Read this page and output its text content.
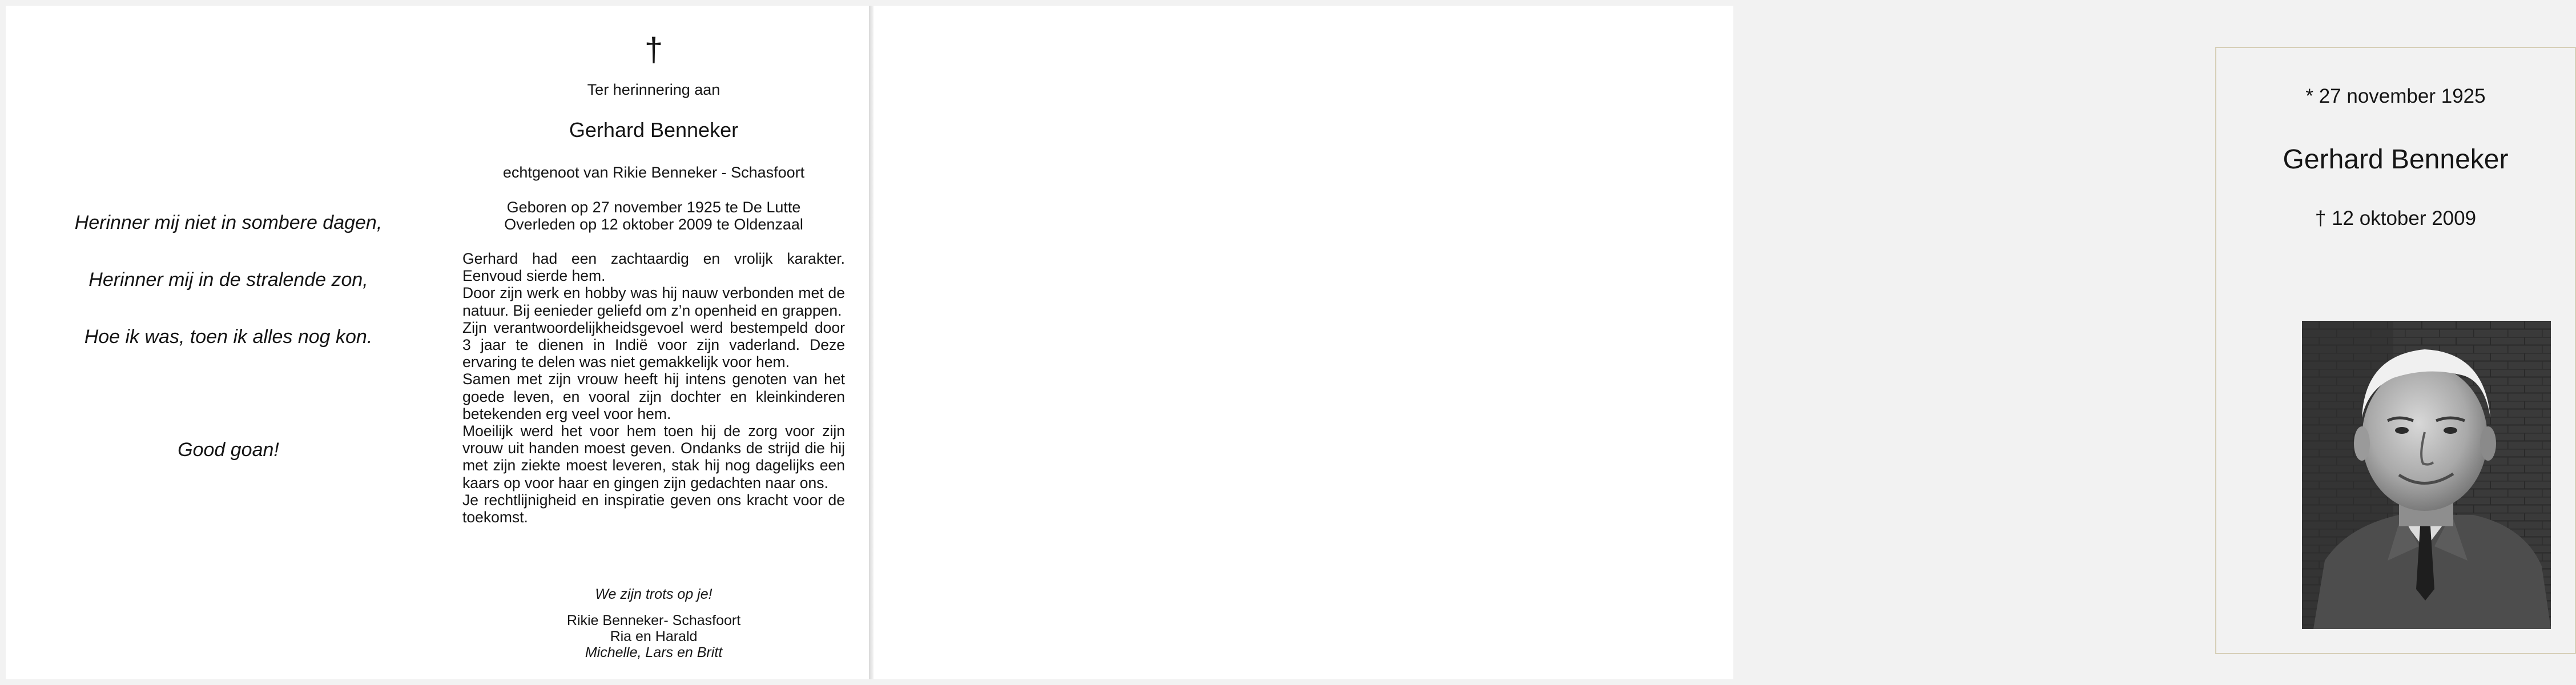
Herinner mij niet in sombere dagen,
Herinner mij in de stralende zon,
Hoe ik was, toen ik alles nog kon.
Good goan!
†
Ter herinnering aan
Gerhard Benneker
echtgenoot van Rikie Benneker - Schasfoort
Geboren op 27 november 1925 te De Lutte
Overleden op 12 oktober 2009 te Oldenzaal

Gerhard had een zachtaardig en vrolijk karakter. Eenvoud sierde hem.

Door zijn werk en hobby was hij nauw verbonden met de natuur. Bij eenieder geliefd om z’n openheid en grappen.

Zijn verantwoordelijkheidsgevoel werd bestempeld door 3 jaar te dienen in Indië voor zijn vaderland. Deze ervaring te delen was niet gemakkelijk voor hem.

Samen met zijn vrouw heeft hij intens genoten van het goede leven, en vooral zijn dochter en kleinkinderen betekenden erg veel voor hem.

Moeilijk werd het voor hem toen hij de zorg voor zijn vrouw uit handen moest geven. Ondanks de strijd die hij met zijn ziekte moest leveren, stak hij nog dagelijks een kaars op voor haar en gingen zijn gedachten naar ons.

Je rechtlijnigheid en inspiratie geven ons kracht voor de toekomst.

We zijn trots op je!
Rikie Benneker- Schasfoort
Ria en Harald
Michelle, Lars en Britt
* 27 november 1925
Gerhard Benneker
† 12 oktober 2009
